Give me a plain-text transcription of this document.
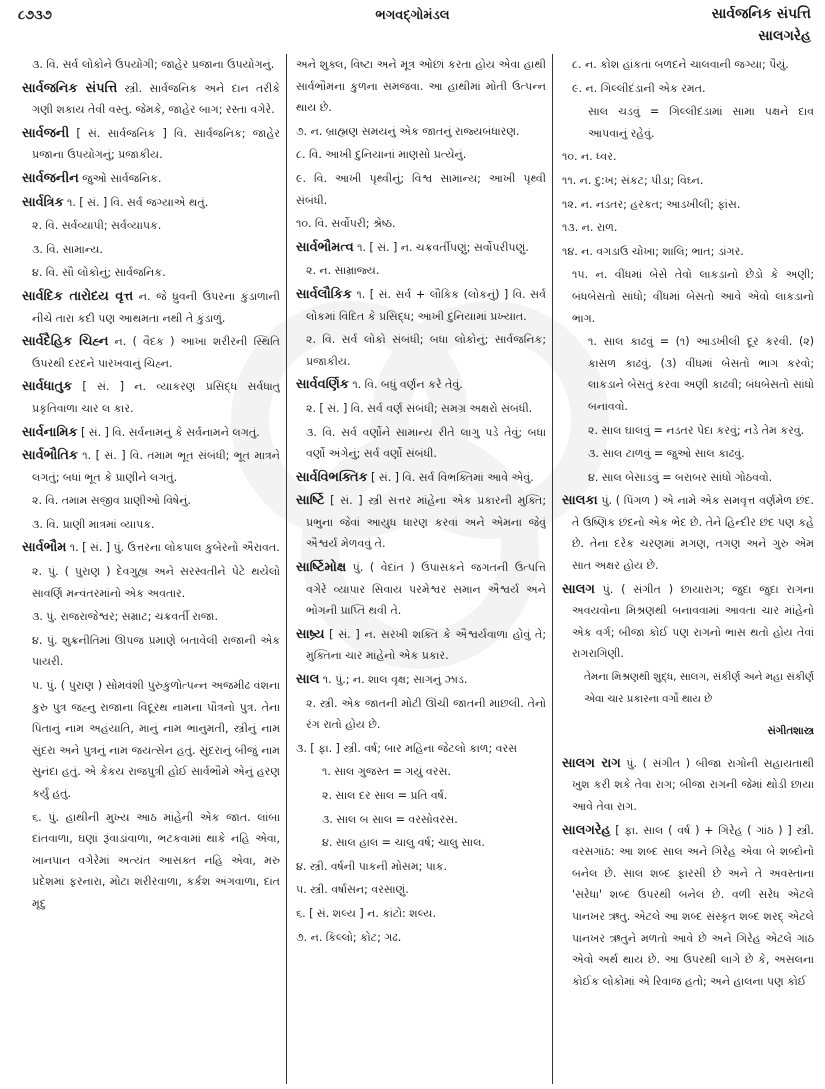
૮૭૩૭	ભગવદ્ગોમંડલ	સાર્વજનિક સંપત્તિ
સાલગરેહ

૩. વિ. સર્વ લોકોને ઉપયોગી; જાહેર પ્રજાના ઉપયોગનું.

સાર્વજનિક સંપત્તિ સ્ત્રી. સાર્વજનિક અને દાન તરીકે ગણી શકાય તેવી વસ્તુ. જેમકે, જાહેર બાગ; રસ્તા વગેરે.

સાર્વજની [ સં. સાર્વજનિક ] વિ. સાર્વજનિક; જાહેર પ્રજાના ઉપયોગનું; પ્રજાકીય.

સાર્વજનીન જુઓ સાર્વજનિક.

સાર્વત્રિક ૧. [ સં. ] વિ. સર્વ જગ્યાએ થતું.

૨. વિ. સર્વવ્યાપી; સર્વવ્યાપક.

૩. વિ. સામાન્ય.

૪. વિ. સૌ લોકોનું; સાર્વજનિક.

સાર્વદિક તારોદય વૃત્ત ન. જે ધ્રુવની ઉપરના કુંડાળાની નીચે તારા કદી પણ આથમતા નથી તે કુંડાળું.

સાર્વદૈહિક ચિહ્ન ન. ( વૈદક ) આખા શરીરની સ્થિતિ ઉપરથી દરદને પારખવાનું ચિહ્ન.

સાર્વધાતુક [ સં. ] ન. વ્યાકરણ પ્રસિદ્ધ સર્વધાતુ પ્રકૃતિવાળા ચાર લ કાર.

સાર્વનામિક [ સં. ] વિ. સર્વનામનું કે સર્વનામને લગતું.

સાર્વભૌતિક ૧. [ સં. ] વિ. તમામ ભૂત સંબંધી; ભૂત માત્રને લગતું; બધાં ભૂત કે પ્રાણીને લગતું.

૨. વિ. તમામ સજીવ પ્રાણીઓ વિષેનું.

૩. વિ. પ્રાણી માત્રમાં વ્યાપક.

સાર્વભૌમ ૧. [ સં. ] પું. ઉત્તરના લોકપાલ કુબેરનો ઐરાવત.

૨. પું. ( પુરાણ ) દેવગુહ્ય અને સરસ્વતીને પેટે થયેલો સાવર્ણિ મન્વંતરમાંનો એક અવતાર.

૩. પું. રાજરાજેશ્વર; સમ્રાટ; ચક્રવર્તી રાજા.

૪. પું. શુક્રનીતિમાં ઊપજ પ્રમાણે બતાવેલી રાજાની એક પાયરી.

૫. પું. ( પુરાણ ) સોમવંશી પુરુકુળોત્પન્ન અજમીઢ વંશના કુરુ પુત્ર જહ્નુ રાજાના વિદૂરથ નામના પૌત્રનો પુત્ર. તેના પિતાનું નામ અહંયાતિ, માનું નામ ભાનુમતી, સ્ત્રીનું નામ સુંદરા અને પુત્રનું નામ જયત્સેન હતું. સુંદરાનું બીજું નામ સુનંદા હતું. એ કેકય રાજપુત્રી હોઈ સાર્વભૌમે એનું હરણ કર્યું હતું.

૬. પું. હાથીની મુખ્ય આઠ માંહેની એક જાત. લાંબા દાંતવાળા, ઘણાં રૂંવાડાંવાળા, ભટકવામાં થાકે નહિ એવા, ખાનપાન વગેરેમાં અત્યંત આસક્ત નહિ એવા, મરુ પ્રદેશમાં ફરનારા, મોટા શરીરવાળા, કર્કશ અંગવાળા, દાંત મૃદુ

અને શુક્લ, વિષ્ટા અને મૂત્ર ઓછાં કરતા હોય એવા હાથી સાર્વભૌમના કુળના સમજવા. આ હાથીમાં મોતી ઉત્પન્ન થાય છે.

૭. ન. બ્રાહ્મણ સમયનું એક જાતનું રાજ્યબંધારણ.

૮. વિ. આખી દુનિયાનાં માણસો પ્રત્યેનું.

૯. વિ. આખી પૃથ્વીનું; વિશ્વ સામાન્ય; આખી પૃથ્વી સંબંધી.

૧૦. વિ. સર્વોપરી; શ્રેષ્ઠ.

સાર્વભૌમત્વ ૧. [ સં. ] ન. ચક્રવર્તીપણું; સર્વોપરીપણું.

૨. ન. સામ્રાજ્ય.

સાર્વલૌકિક ૧. [ સં. સર્વ + લૌકિક (લોકનું) ] વિ. સર્વ લોકમાં વિદિત કે પ્રસિદ્ધ; આખી દુનિયામાં પ્રખ્યાત.

૨. વિ. સર્વ લોકો સંબંધી; બધા લોકોનું; સાર્વજનિક; પ્રજાકીય.

સાર્વવર્ણિક ૧. વિ. બધું વર્ણન કરે તેવું.

૨. [ સં. ] વિ. સર્વ વર્ણ સંબંધી; સમગ્ર અક્ષરો સંબંધી.

૩. વિ. સર્વ વર્ણોને સામાન્ય રીતે લાગુ પડે તેવું; બધા વર્ણો અંગેનું; સર્વ વર્ણો સંબંધી.

સાર્વવિભક્તિક [ સં. ] વિ. સર્વ વિભક્તિમાં આવે એવું.

સાર્ષ્ટિ [ સં. ] સ્ત્રી સત્તર માંહેના એક પ્રકારની મુક્તિ; પ્રભુના જેવાં આયુધ ધારણ કરવાં અને એમના જેવું ઐશ્વર્ય મેળવવું તે.

સાર્ષ્ટિમોક્ષ પું. ( વેદાંત ) ઉપાસકને જગતની ઉત્પત્તિ વગેરે વ્યાપાર સિવાય પરમેશ્વર સમાન ઐશ્વર્ય અને ભોગની પ્રાપ્તિ થવી તે.

સાષ્ર્ય [ સં. ] ન. સરખી શક્તિ કે ઐશ્વર્યવાળા હોવું તે; મુક્તિના ચાર માંહેનો એક પ્રકાર.

સાલ ૧. પું.; ન. શાલ વૃક્ષ; સાગનું ઝાડ.

૨. સ્ત્રી. એક જાતની મોટી ઊંચી જાતની માછલી. તેનો રંગ રાતો હોય છે.

૩. [ ફા. ] સ્ત્રી. વર્ષ; બાર મહિના જેટલો કાળ; વરસ

૧. સાલ ગુજસ્ત = ગયું વરસ.

૨. સાલ દર સાલ = પ્રતિ વર્ષ.

૩. સાલ બ સાલ = વરસોવરસ.

૪. સાલ હાલ = ચાલુ વર્ષ; ચાલુ સાલ.

૪. સ્ત્રી. વર્ષની પાકની મોસમ; પાક.

૫. સ્ત્રી. વર્ષાસન; વરસાણું.

૬. [ સં. શલ્ય ] ન. કાંટો: શલ્ય.

૭. ન. કિલ્લો; કોટ; ગઢ.

૮. ન. કોશ હાંકતાં બળદને ચાલવાની જગ્યા; પૈયું.

૯. ન. ગિલ્લીદંડાની એક રમત.

સાલ ચડવું = ગિલ્લીદંડામાં સામા પક્ષને દાવ આપવાનું રહેવું.

૧૦. ન. ધ્વર.

૧૧. ન. દુ:ખ; સંકટ; પીડા; વિઘ્ન.

૧૨. ન. નડતર; હરકત; આડખીલી; ફાંસ.

૧૩. ન. રાળ.

૧૪. ન. વગડાઉ ચોખા; શાલિ; ભાત; ડાંગર.

૧૫. ન. વીંધમાં બેસે તેવો લાકડાનો છેડો કે અણી; બંધબેસતો સાંધો; વીંધમાં બેસતો આવે એવો લાકડાનો ભાગ.

૧. સાલ કાઢવું = (૧) આડખીલી દૂર કરવી. (૨) કાસળ કાઢવું. (૩) વીંધમાં બેસતો ભાગ કરવો; લાકડાને બેસતું કરવા અણી કાઢવી; બંધબેસતો સાંધો બનાવવો.

૨. સાલ ઘાલવું = નડતર પેદા કરવું; નડે તેમ કરવું.

૩. સાલ ટાળવું = જુઓ સાલ કાઢવું.

૪. સાલ બેસાડવું = બરાબર સાંધો ગોઠવવો.

સાલકા પું. ( પિંગળ ) એ નામે એક સમવૃત્ત વર્ણમેળ છંદ. તે ઉષ્ણિક છંદનો એક ભેદ છે. તેને હિન્દીર છંદ પણ કહે છે. તેના દરેક ચરણમાં મગણ, તગણ અને ગુરુ એમ સાત અક્ષર હોય છે.

સાલગ પું. ( સંગીત ) છાયારાગ; જુદા જુદા રાગના અવયવોના મિશ્રણથી બનાવવામાં આવતા ચાર માંહેનો એક વર્ગ; બીજા કોઈ પણ રાગનો ભાસ થતો હોય તેવાં રાગરાગિણી.

તેમના મિશ્રણથી શુદ્ધ, સાલગ, સંકીર્ણ અને મહા સંકીર્ણ એવા ચાર પ્રકારના વર્ગો થાય છે

સંગીતશાસ્ત્ર

સાલગ રાગ પું. ( સંગીત ) બીજા રાગોની સહાયતાથી ખુશ કરી શકે તેવા રાગ; બીજા રાગની જેમાં થોડી છાયા આવે તેવા રાગ.

સાલગરેહ [ ફા. સાલ ( વર્ષ ) + ગિરેહ ( ગાંઠ ) ] સ્ત્રી. વરસગાંઠ: આ શબ્દ સાલ અને ગિરેહ એવા બે શબ્દોનો બનેલ છે. સાલ શબ્દ ફારસી છે અને તે અવસ્તાના 'સરેધા' શબ્દ ઉપરથી બનેલ છે. વળી સરેધ એટલે પાનખર ઋતુ. એટલે આ શબ્દ સંસ્કૃત શબ્દ શરદ્ એટલે પાનખર ઋતુને મળતો આવે છે અને ગિરેહ એટલે ગાંઠ એવો અર્થ થાય છે. આ ઉપરથી લાગે છે કે, અસલના કોઈક લોકોમાં એ રિવાજ હતો; અને હાલના પણ કોઈ
